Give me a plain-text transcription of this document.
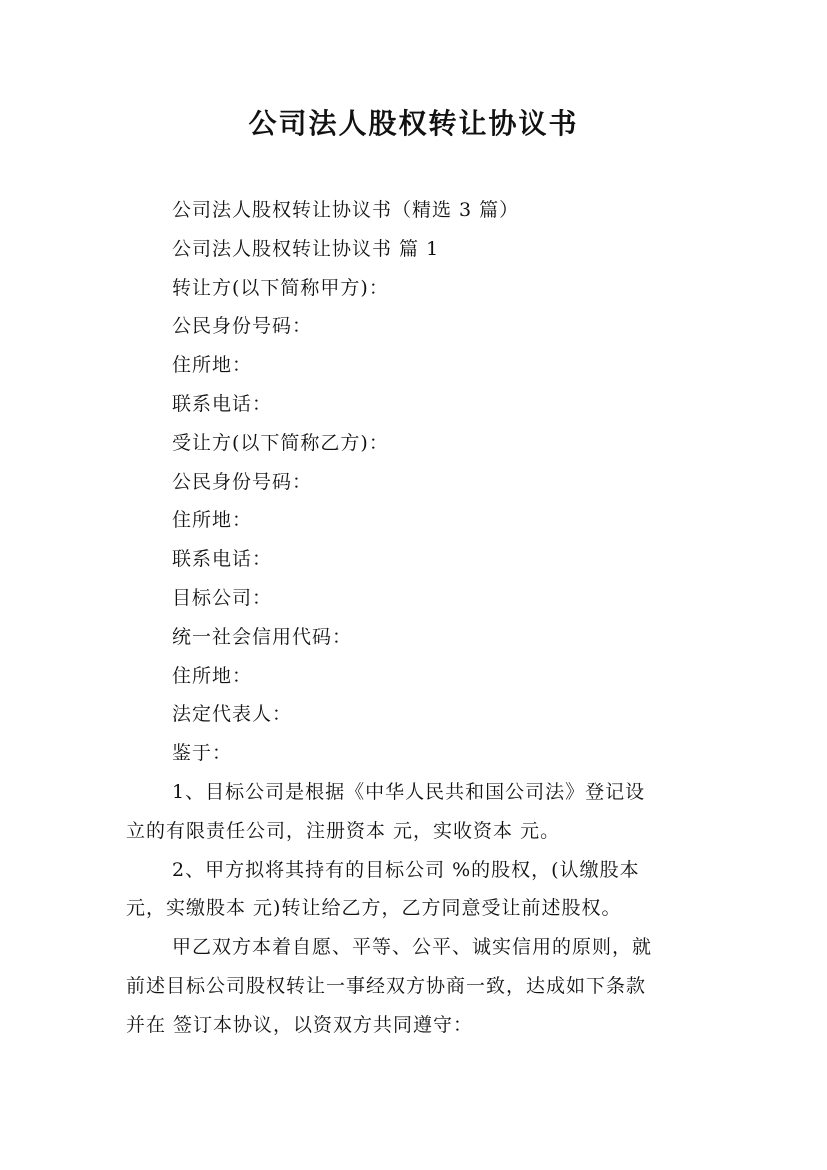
公司法人股权转让协议书
公司法人股权转让协议书（精选 3 篇）
公司法人股权转让协议书 篇 1
转让方(以下简称甲方)：
公民身份号码：
住所地：
联系电话：
受让方(以下简称乙方)：
公民身份号码：
住所地：
联系电话：
目标公司：
统一社会信用代码：
住所地：
法定代表人：
鉴于：
1、目标公司是根据《中华人民共和国公司法》登记设
立的有限责任公司，注册资本 元，实收资本 元。
2、甲方拟将其持有的目标公司 %的股权，(认缴股本
元，实缴股本 元)转让给乙方，乙方同意受让前述股权。
甲乙双方本着自愿、平等、公平、诚实信用的原则，就
前述目标公司股权转让一事经双方协商一致，达成如下条款
并在 签订本协议，以资双方共同遵守：
